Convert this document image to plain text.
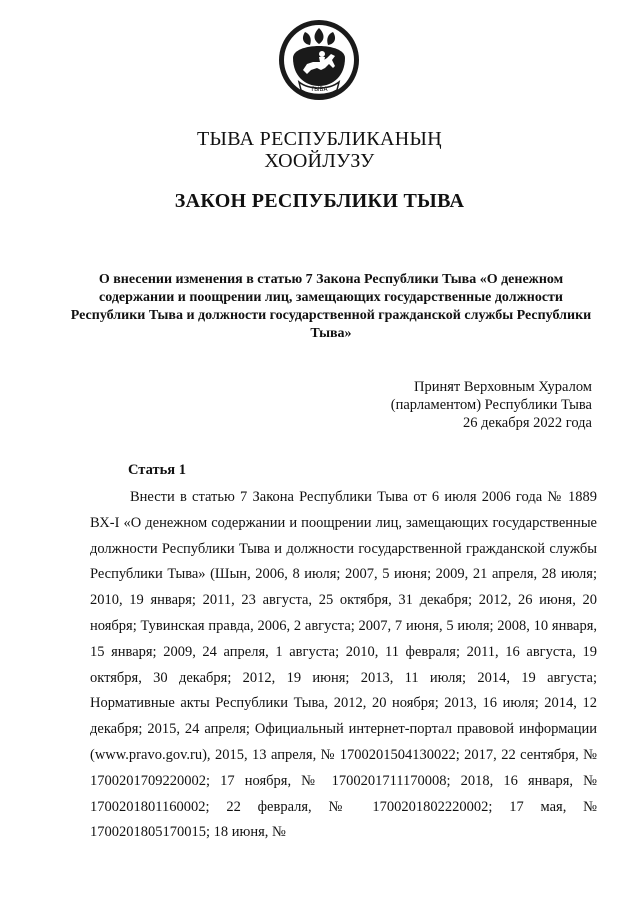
ТЫВА
ТЫВА РЕСПУБЛИКАНЫҢ
ХООЙЛУЗУ
ЗАКОН РЕСПУБЛИКИ ТЫВА
О внесении изменения в статью 7 Закона Республики Тыва «О денежном содержании и поощрении лиц, замещающих государственные должности Республики Тыва и должности государственной гражданской службы Республики Тыва»
Принят Верховным Хуралом
(парламентом) Республики Тыва
26 декабря 2022 года
Статья 1

Внести в статью 7 Закона Республики Тыва от 6 июля 2006 года № 1889 ВХ-I «О денежном содержании и поощрении лиц, замещающих государственные должности Республики Тыва и должности государственной гражданской службы Республики Тыва» (Шын, 2006, 8 июля; 2007, 5 июня; 2009, 21 апреля, 28 июля; 2010, 19 января; 2011, 23 августа, 25 октября, 31 декабря; 2012, 26 июня, 20 ноября; Тувинская правда, 2006, 2 августа; 2007, 7 июня, 5 июля; 2008, 10 января, 15 января; 2009, 24 апреля, 1 августа; 2010, 11 февраля; 2011, 16 августа, 19 октября, 30 декабря; 2012, 19 июня; 2013, 11 июля; 2014, 19 августа; Нормативные акты Республики Тыва, 2012, 20 ноября; 2013, 16 июля; 2014, 12 декабря; 2015, 24 апреля; Официальный интернет-портал правовой информации (www.pravo.gov.ru), 2015, 13 апреля, № 1700201504130022; 2017, 22 сентября, № 1700201709220002; 17 ноября, № 1700201711170008; 2018, 16 января, № 1700201801160002; 22 февраля, № 1700201802220002; 17 мая, № 1700201805170015; 18 июня, №
